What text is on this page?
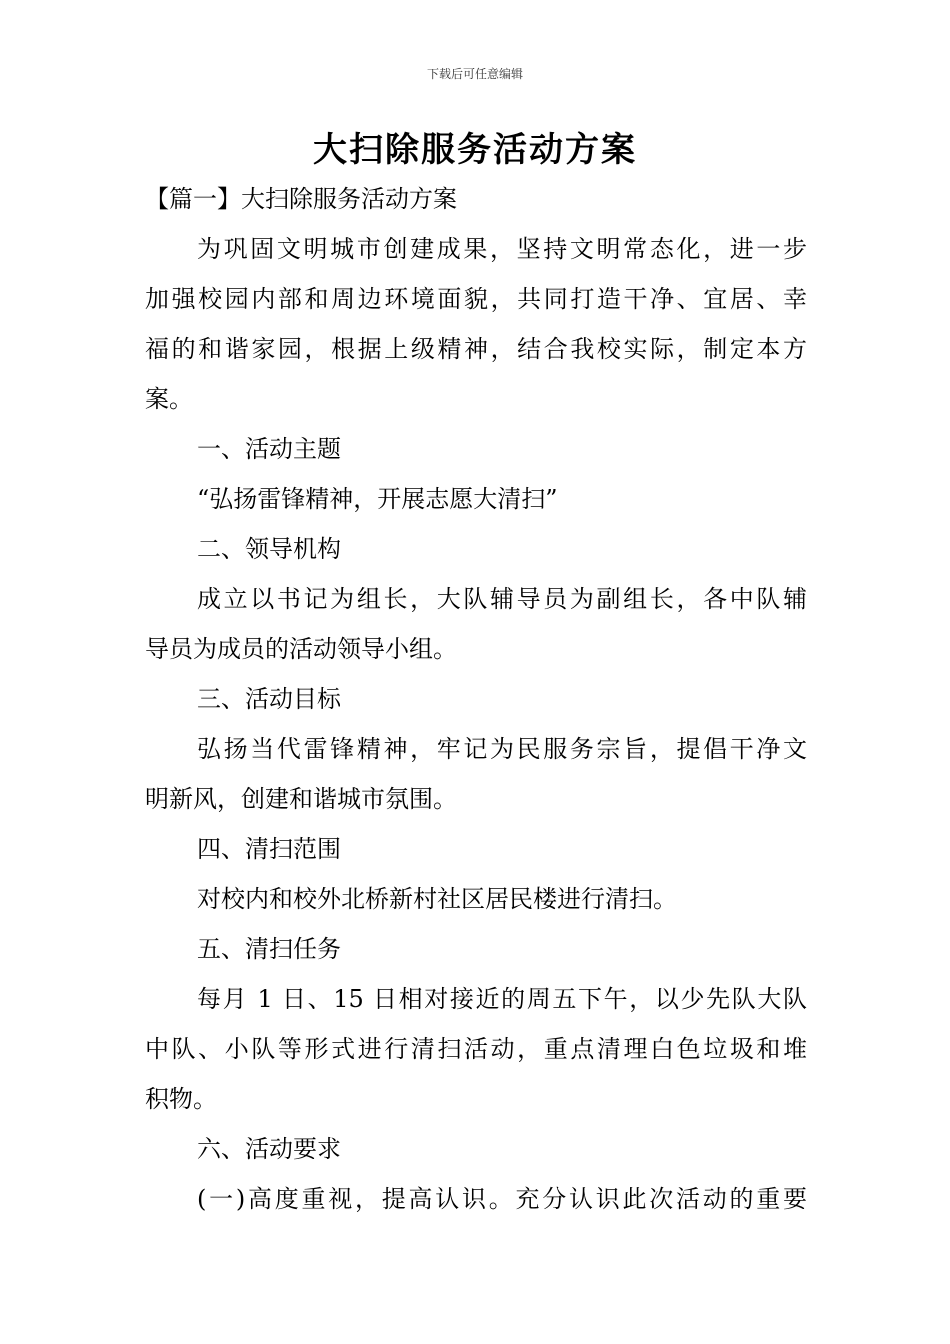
下载后可任意编辑
大扫除服务活动方案

【篇一】大扫除服务活动方案

为巩固文明城市创建成果，坚持文明常态化，进一步

加强校园内部和周边环境面貌，共同打造干净、宜居、幸

福的和谐家园，根据上级精神，结合我校实际，制定本方

案。

一、活动主题

“弘扬雷锋精神，开展志愿大清扫”

二、领导机构

成立以书记为组长，大队辅导员为副组长，各中队辅

导员为成员的活动领导小组。

三、活动目标

弘扬当代雷锋精神，牢记为民服务宗旨，提倡干净文

明新风，创建和谐城市氛围。

四、清扫范围

对校内和校外北桥新村社区居民楼进行清扫。

五、清扫任务

每月 1 日、15 日相对接近的周五下午，以少先队大队

中队、小队等形式进行清扫活动，重点清理白色垃圾和堆

积物。

六、活动要求

(一)高度重视，提高认识。充分认识此次活动的重要
